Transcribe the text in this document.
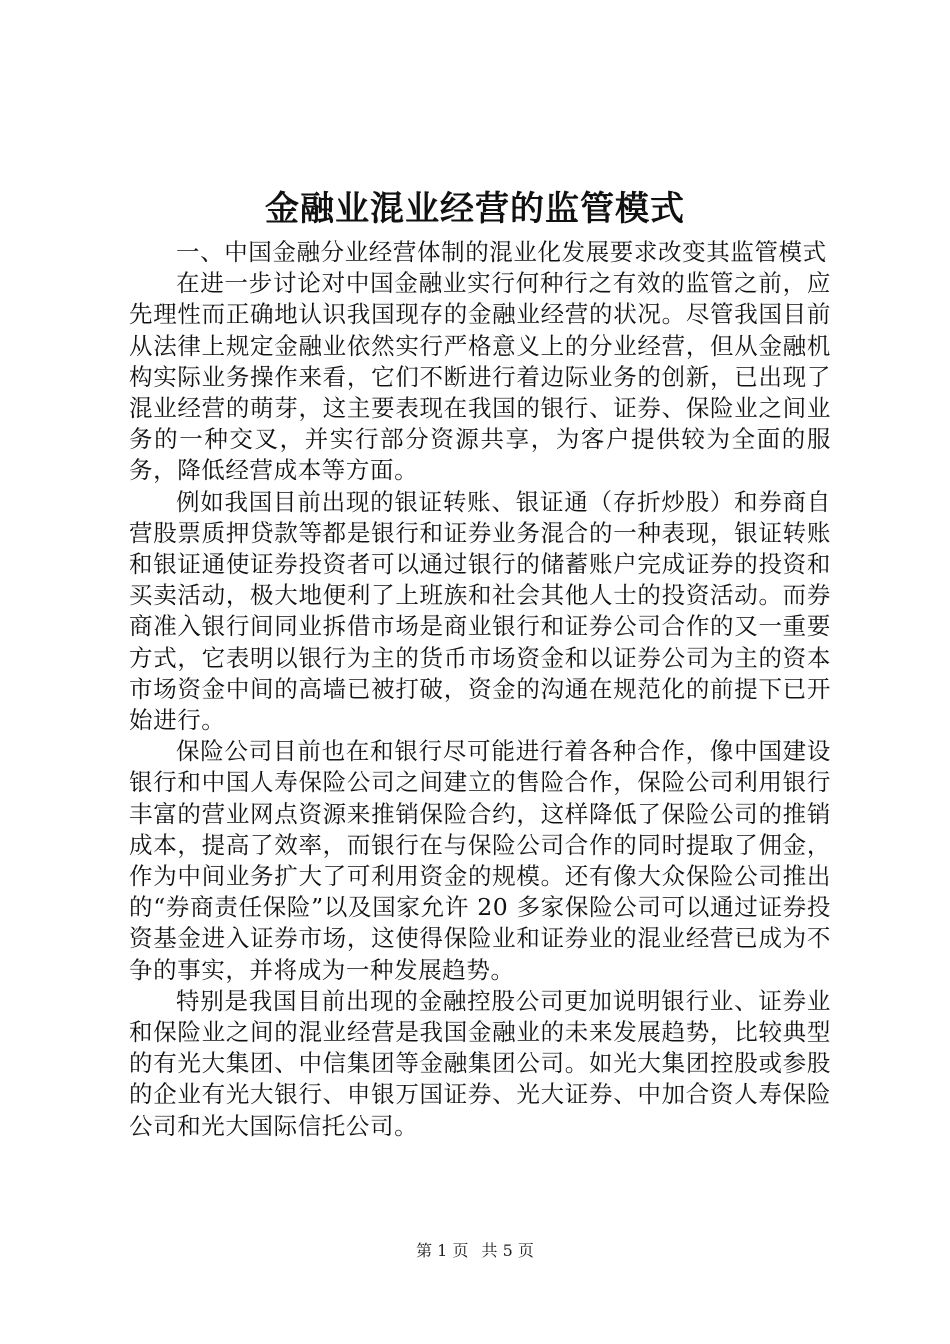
金融业混业经营的监管模式

一、中国金融分业经营体制的混业化发展要求改变其监管模式

在进一步讨论对中国金融业实行何种行之有效的监管之前，应先理性而正确地认识我国现存的金融业经营的状况。尽管我国目前从法律上规定金融业依然实行严格意义上的分业经营，但从金融机构实际业务操作来看，它们不断进行着边际业务的创新，已出现了混业经营的萌芽，这主要表现在我国的银行、证券、保险业之间业务的一种交叉，并实行部分资源共享，为客户提供较为全面的服务，降低经营成本等方面。

例如我国目前出现的银证转账、银证通（存折炒股）和券商自营股票质押贷款等都是银行和证券业务混合的一种表现，银证转账和银证通使证券投资者可以通过银行的储蓄账户完成证券的投资和买卖活动，极大地便利了上班族和社会其他人士的投资活动。而券商准入银行间同业拆借市场是商业银行和证券公司合作的又一重要方式，它表明以银行为主的货币市场资金和以证券公司为主的资本市场资金中间的高墙已被打破，资金的沟通在规范化的前提下已开始进行。

保险公司目前也在和银行尽可能进行着各种合作，像中国建设银行和中国人寿保险公司之间建立的售险合作，保险公司利用银行丰富的营业网点资源来推销保险合约，这样降低了保险公司的推销成本，提高了效率，而银行在与保险公司合作的同时提取了佣金，作为中间业务扩大了可利用资金的规模。还有像大众保险公司推出的“券商责任保险”以及国家允许 20 多家保险公司可以通过证券投资基金进入证券市场，这使得保险业和证券业的混业经营已成为不争的事实，并将成为一种发展趋势。

特别是我国目前出现的金融控股公司更加说明银行业、证券业和保险业之间的混业经营是我国金融业的未来发展趋势，比较典型的有光大集团、中信集团等金融集团公司。如光大集团控股或参股的企业有光大银行、申银万国证券、光大证券、中加合资人寿保险公司和光大国际信托公司。

第 1 页 共 5 页
